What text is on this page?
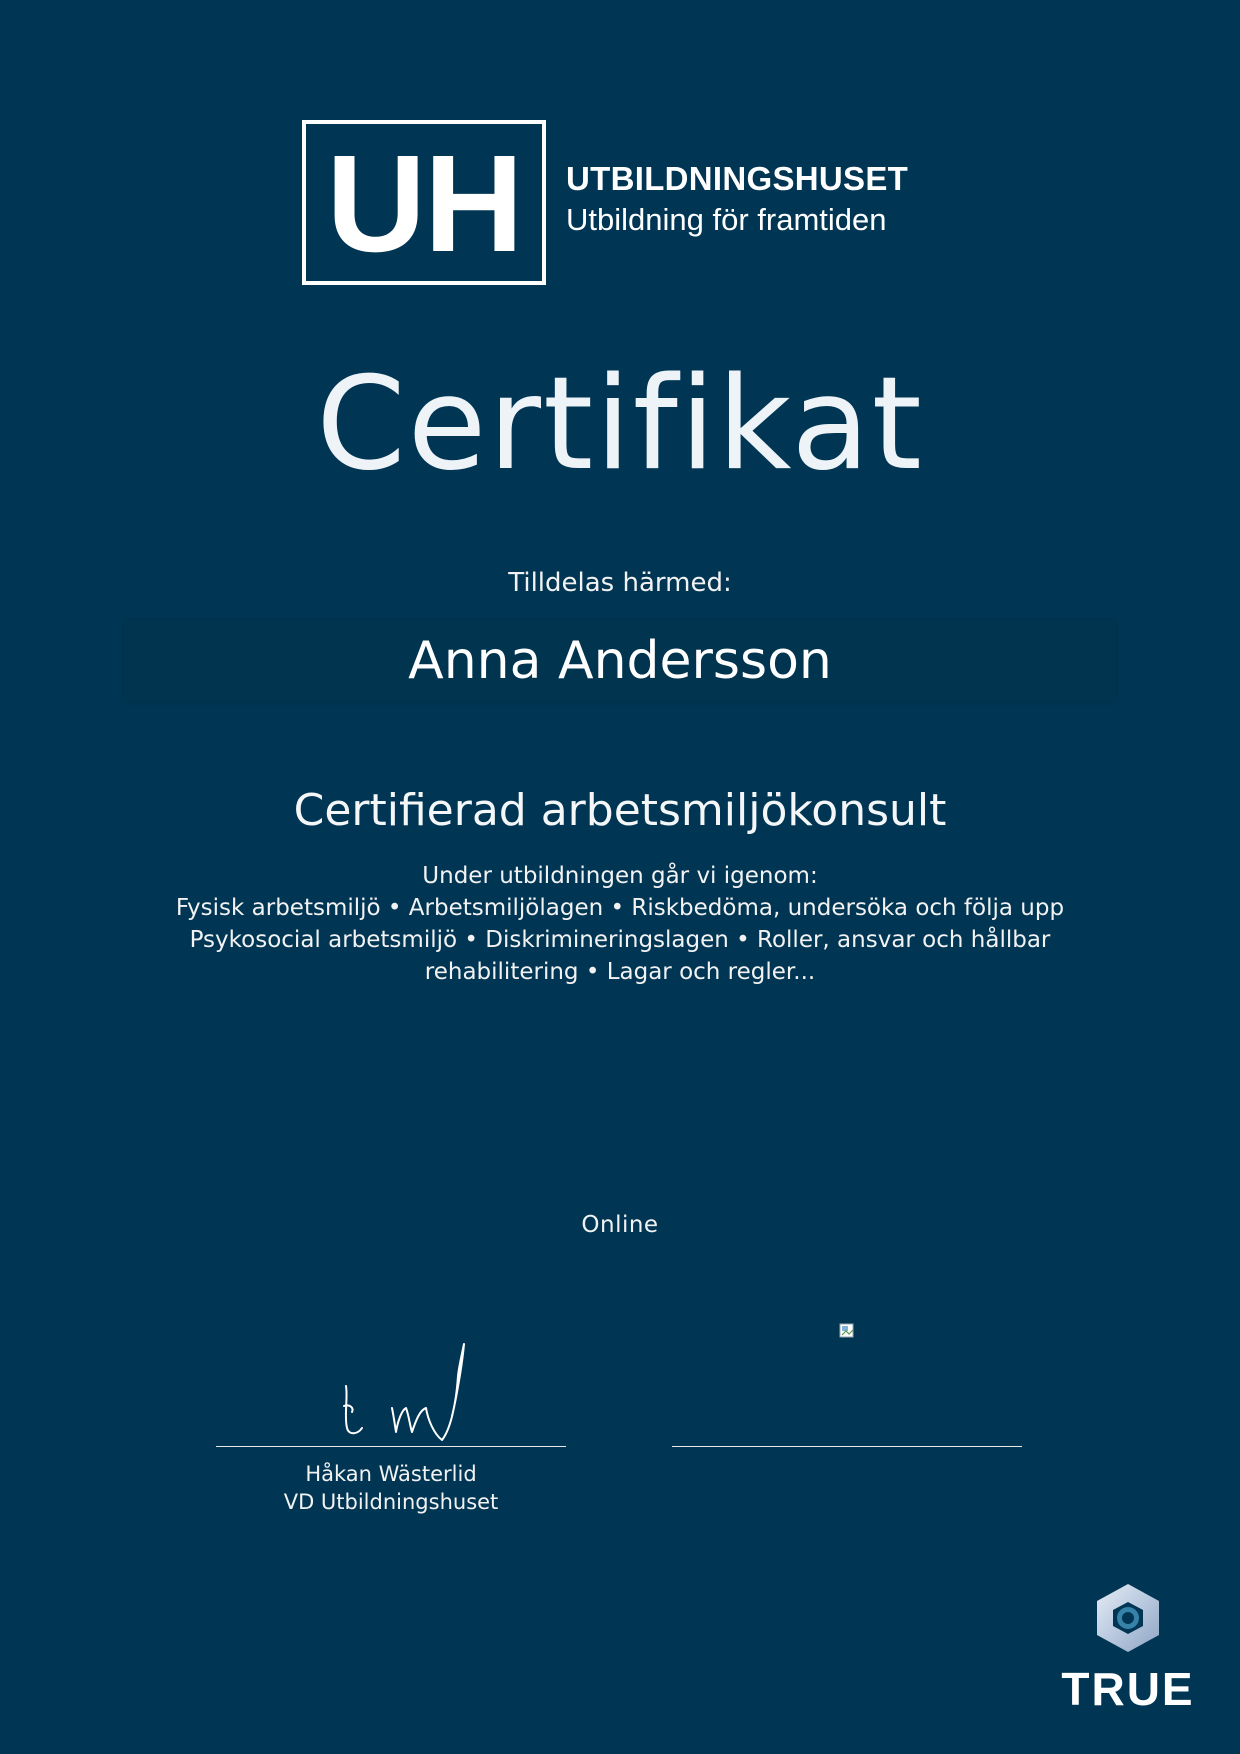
UH UTBILDNINGSHUSET
Utbildning för framtiden
Certifikat
Tilldelas härmed:
Anna Andersson
Certifierad arbetsmiljökonsult
Under utbildningen går vi igenom:
Fysisk arbetsmiljö • Arbetsmiljölagen • Riskbedöma, undersöka och följa upp
Psykosocial arbetsmiljö • Diskrimineringslagen • Roller, ansvar och hållbar
rehabilitering • Lagar och regler...
Online
Håkan Wästerlid
VD Utbildningshuset
TRUE
